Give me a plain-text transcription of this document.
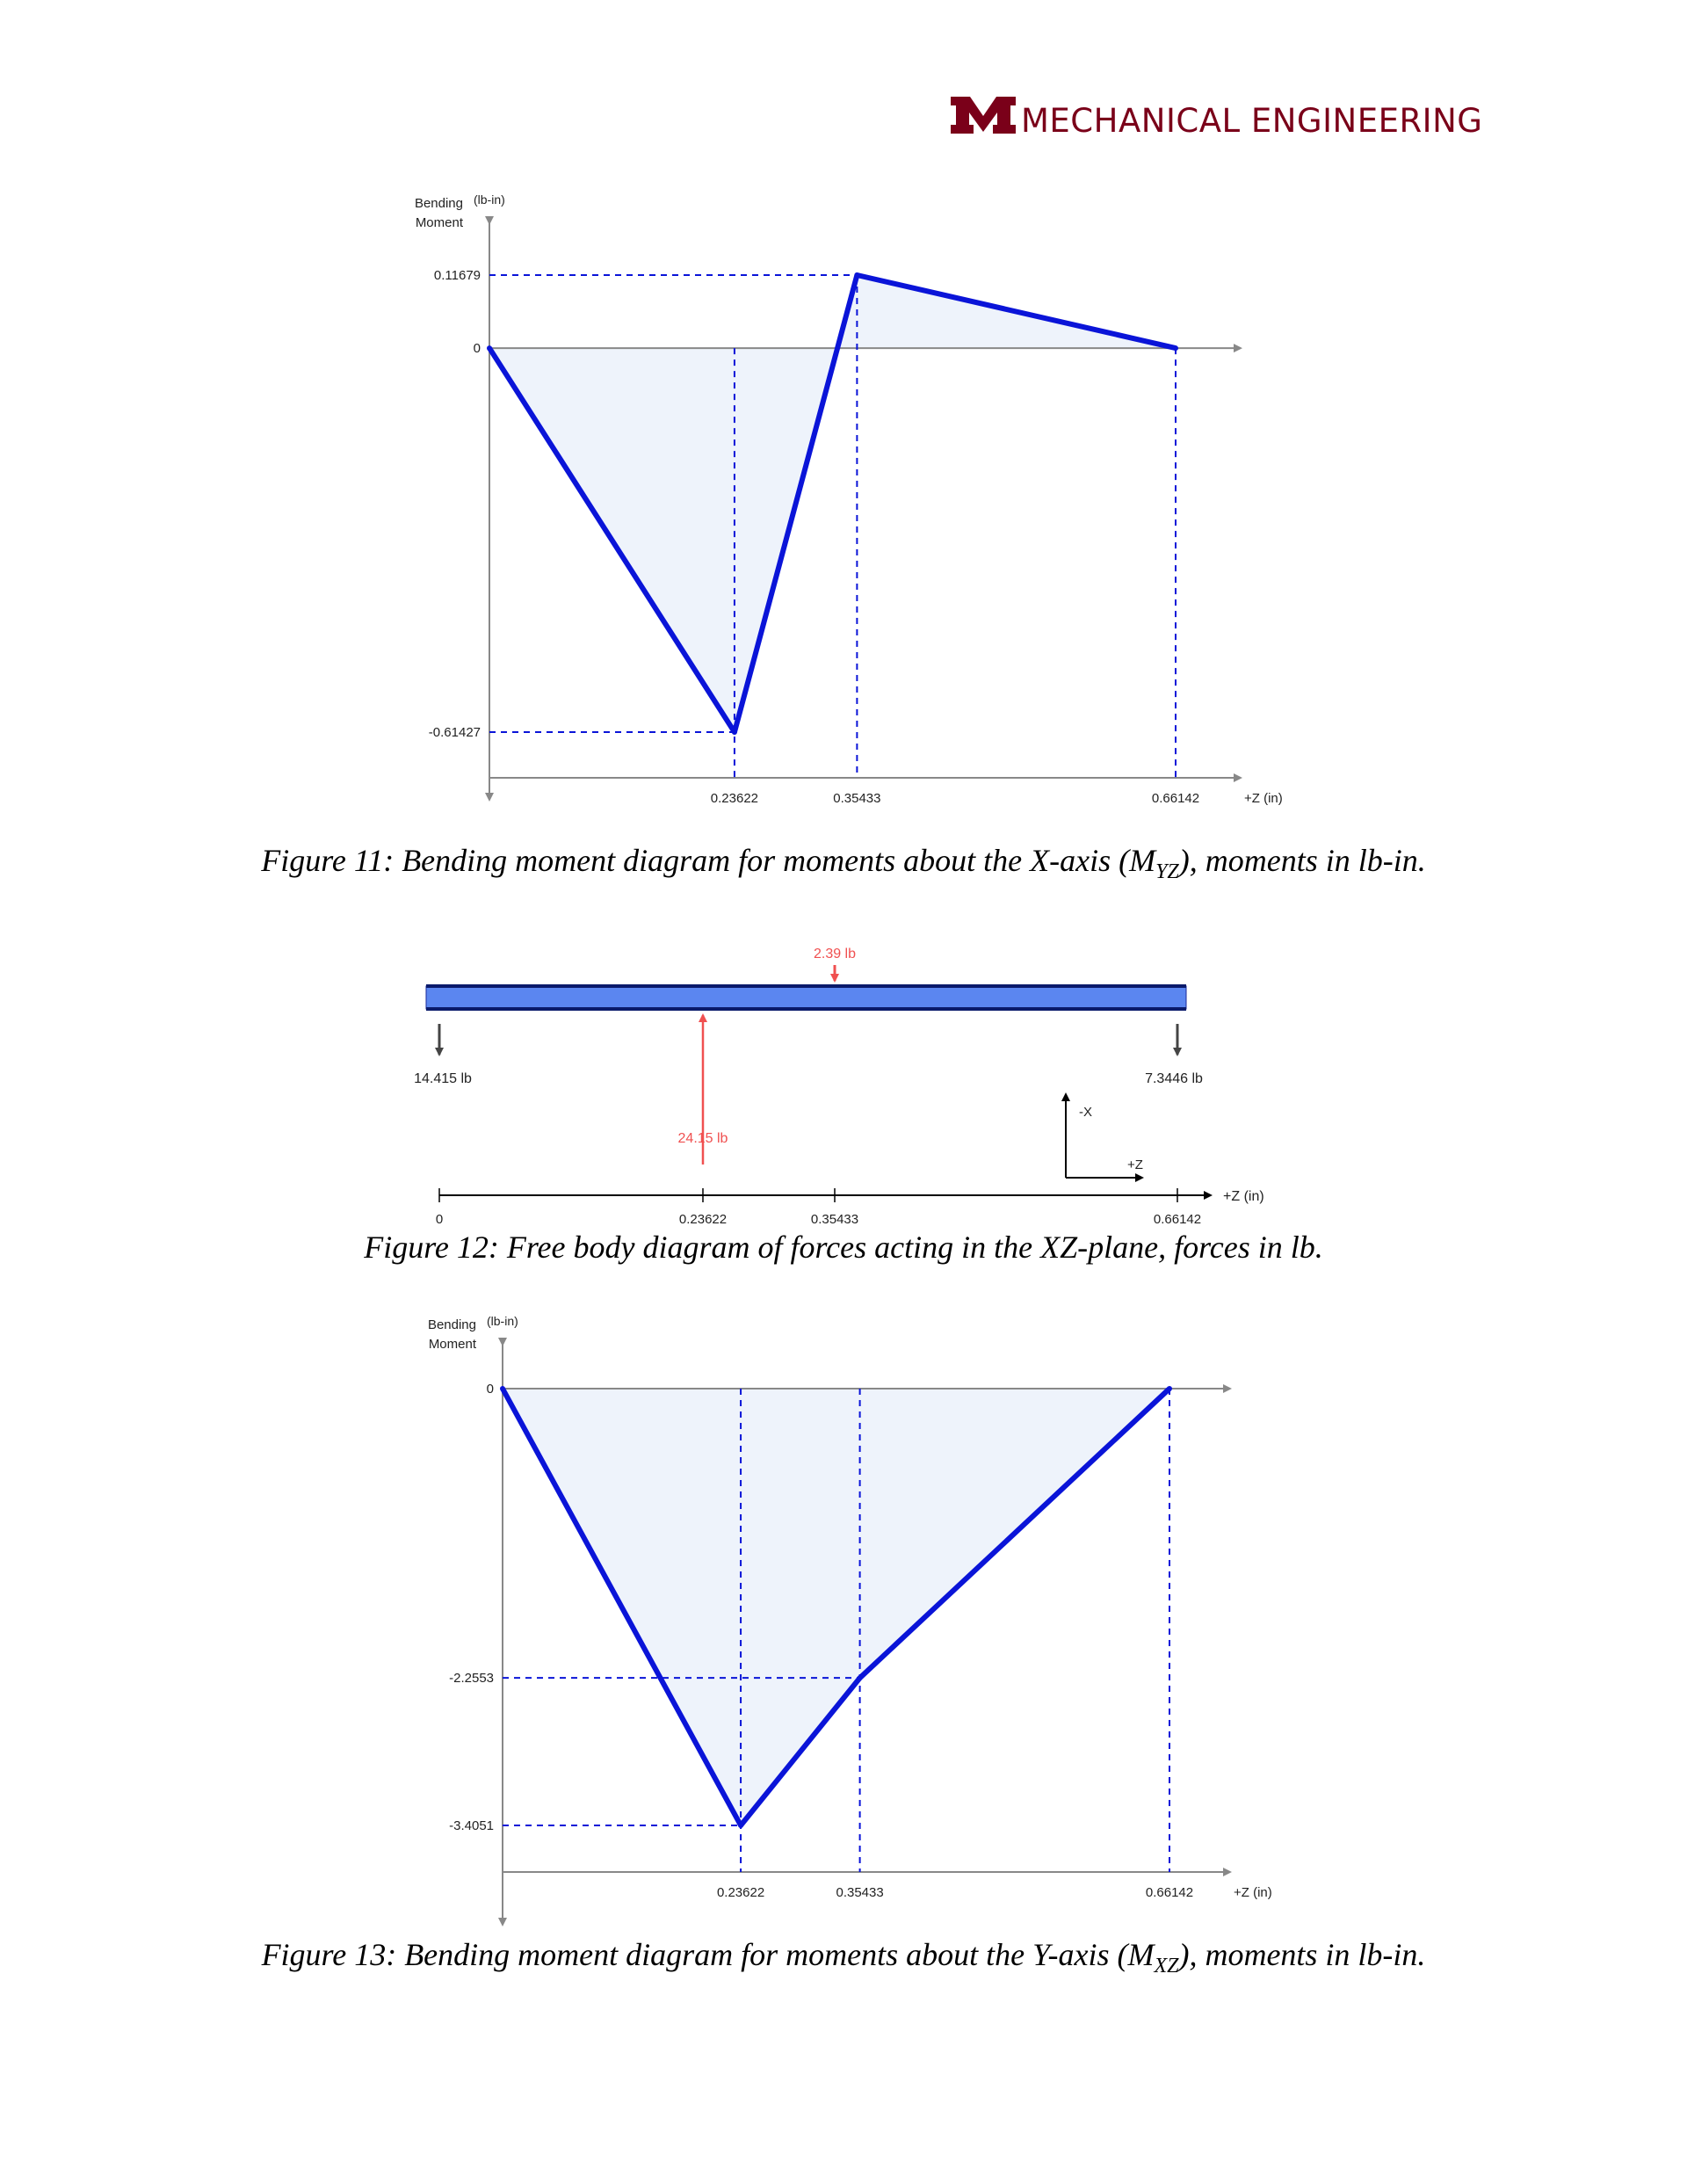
MECHANICAL ENGINEERING
0.11679
0
-0.61427
0.23622	0.35433	0.66142	+Z (in)
Bending
Moment
(lb-in)
Figure 11: Bending moment diagram for moments about the X-axis $(M_{YZ})$, moments in lb-in.
14.415 lb
24.15 lb
2.39 lb
7.3446 lb
-X
+Z
+Z (in)
0	0.23622	0.35433	0.66142
Figure 12: Free body diagram of forces acting in the XZ-plane, forces in lb.
0
-2.2553
-3.4051
0.23622	0.35433	0.66142	+Z (in)
Bending
Moment
(lb-in)
Figure 13: Bending moment diagram for moments about the Y-axis $(M_{XZ})$, moments in lb-in.
